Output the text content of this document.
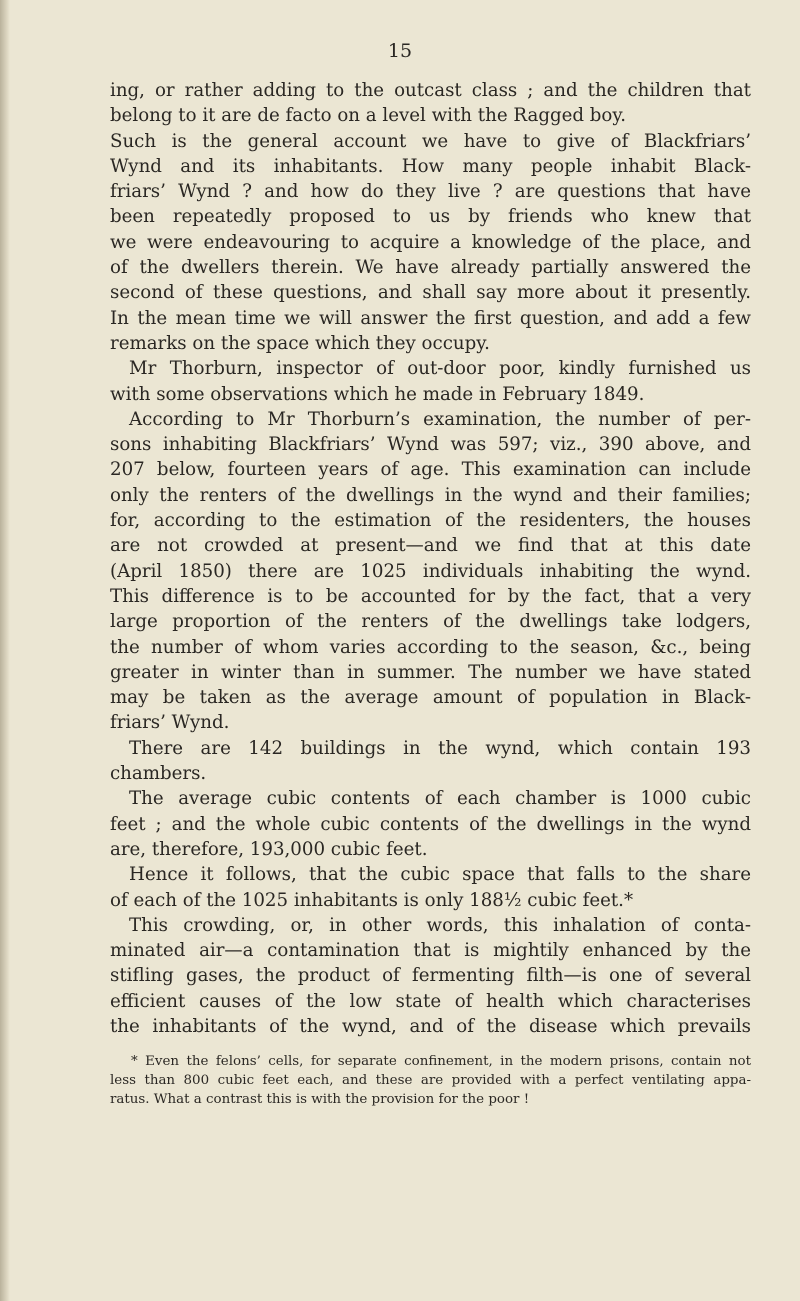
15
ing, or rather adding to the outcast class ; and the children that
belong to it are de facto on a level with the Ragged boy.
Such is the general account we have to give of Blackfriars’
Wynd and its inhabitants. How many people inhabit Black-
friars’ Wynd ? and how do they live ? are questions that have
been repeatedly proposed to us by friends who knew that
we were endeavouring to acquire a knowledge of the place, and
of the dwellers therein. We have already partially answered the
second of these questions, and shall say more about it presently.
In the mean time we will answer the first question, and add a few
remarks on the space which they occupy.
Mr Thorburn, inspector of out-door poor, kindly furnished us
with some observations which he made in February 1849.
According to Mr Thorburn’s examination, the number of per-
sons inhabiting Blackfriars’ Wynd was 597; viz., 390 above, and
207 below, fourteen years of age. This examination can include
only the renters of the dwellings in the wynd and their families;
for, according to the estimation of the residenters, the houses
are not crowded at present—and we find that at this date
(April 1850) there are 1025 individuals inhabiting the wynd.
This difference is to be accounted for by the fact, that a very
large proportion of the renters of the dwellings take lodgers,
the number of whom varies according to the season, &c., being
greater in winter than in summer. The number we have stated
may be taken as the average amount of population in Black-
friars’ Wynd.
There are 142 buildings in the wynd, which contain 193
chambers.
The average cubic contents of each chamber is 1000 cubic
feet ; and the whole cubic contents of the dwellings in the wynd
are, therefore, 193,000 cubic feet.
Hence it follows, that the cubic space that falls to the share
of each of the 1025 inhabitants is only 188½ cubic feet.*
This crowding, or, in other words, this inhalation of conta-
minated air—a contamination that is mightily enhanced by the
stifling gases, the product of fermenting filth—is one of several
efficient causes of the low state of health which characterises
the inhabitants of the wynd, and of the disease which prevails
* Even the felons’ cells, for separate confinement, in the modern prisons, contain not
less than 800 cubic feet each, and these are provided with a perfect ventilating appa-
ratus. What a contrast this is with the provision for the poor !
